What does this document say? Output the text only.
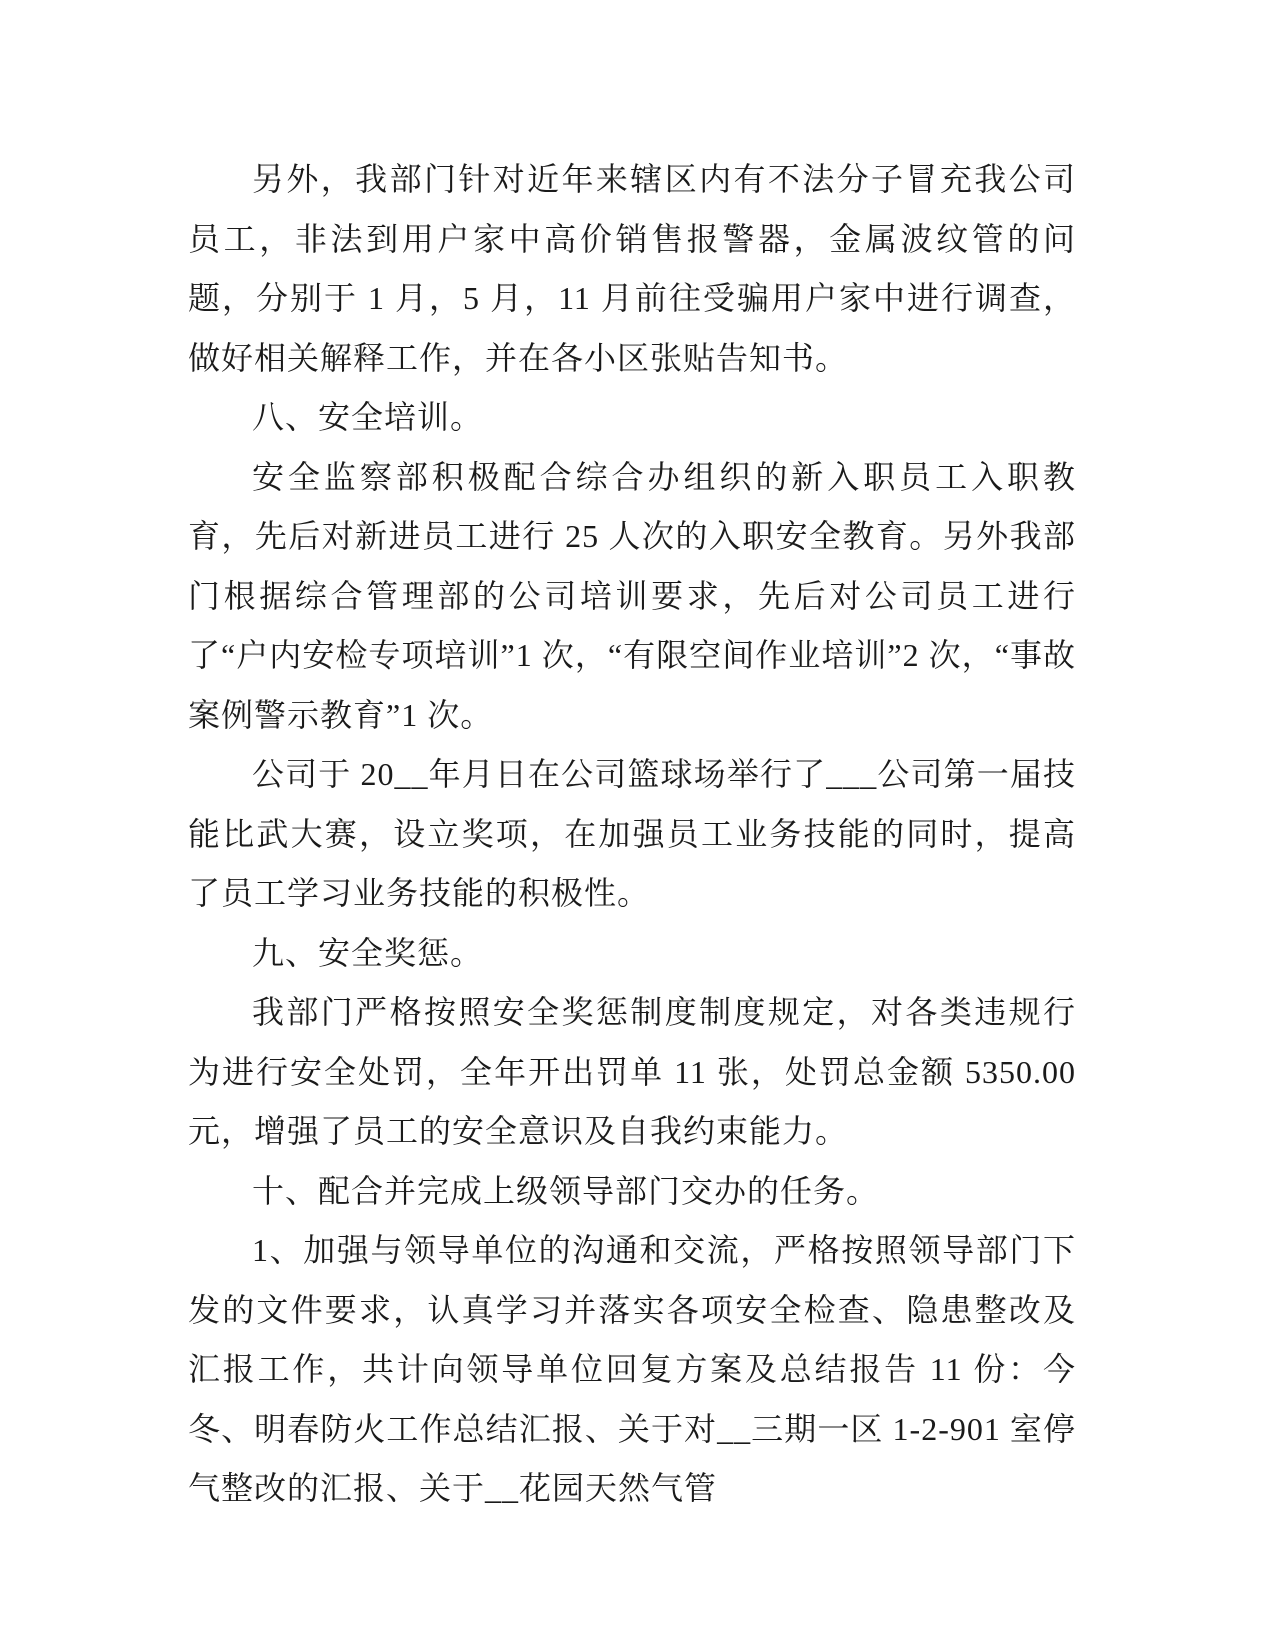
另外，我部门针对近年来辖区内有不法分子冒充我公司员工，非法到用户家中高价销售报警器，金属波纹管的问题，分别于 1 月，5 月，11 月前往受骗用户家中进行调查，做好相关解释工作，并在各小区张贴告知书。

八、安全培训。

安全监察部积极配合综合办组织的新入职员工入职教育，先后对新进员工进行 25 人次的入职安全教育。另外我部门根据综合管理部的公司培训要求，先后对公司员工进行了“户内安检专项培训”1 次，“有限空间作业培训”2 次，“事故案例警示教育”1 次。

公司于 20__年月日在公司篮球场举行了___公司第一届技能比武大赛，设立奖项，在加强员工业务技能的同时，提高了员工学习业务技能的积极性。

九、安全奖惩。

我部门严格按照安全奖惩制度制度规定，对各类违规行为进行安全处罚，全年开出罚单 11 张，处罚总金额 5350.00 元，增强了员工的安全意识及自我约束能力。

十、配合并完成上级领导部门交办的任务。

1、加强与领导单位的沟通和交流，严格按照领导部门下发的文件要求，认真学习并落实各项安全检查、隐患整改及汇报工作，共计向领导单位回复方案及总结报告 11 份：今冬、明春防火工作总结汇报、关于对__三期一区 1-2-901 室停气整改的汇报、关于__花园天然气管
